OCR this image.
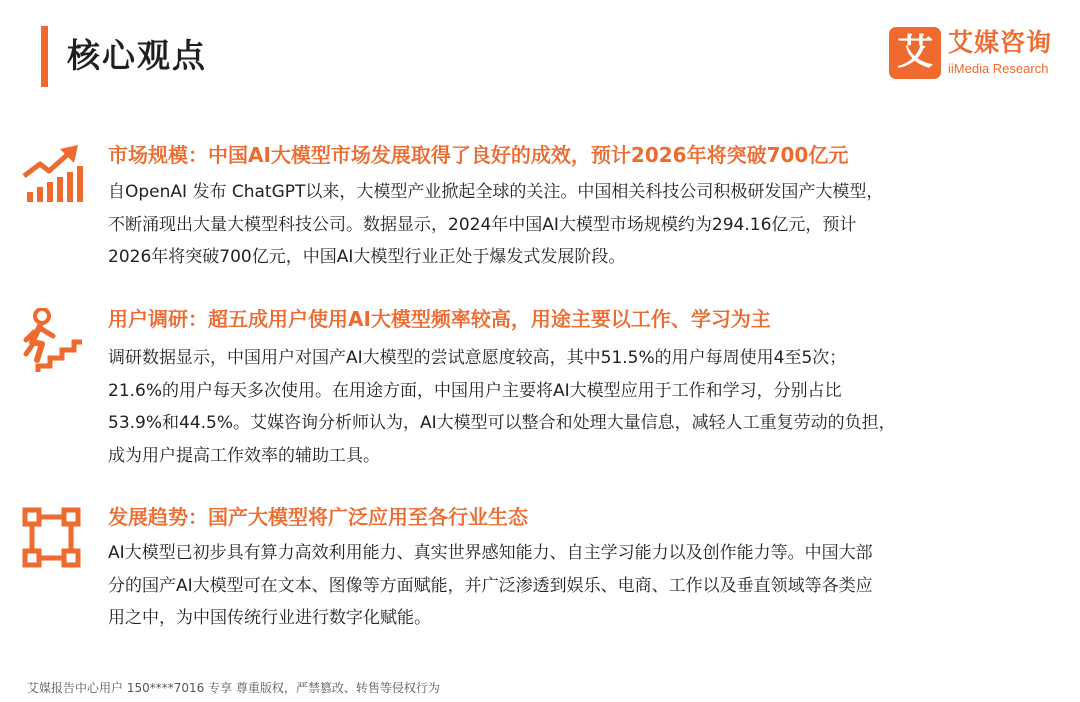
核心观点	艾 艾媒咨询
iiMedia Research
市场规模：中国AI大模型市场发展取得了良好的成效，预计2026年将突破700亿元

自OpenAI 发布 ChatGPT以来，大模型产业掀起全球的关注。中国相关科技公司积极研发国产大模型，

不断涌现出大量大模型科技公司。数据显示，2024年中国AI大模型市场规模约为294.16亿元，预计

2026年将突破700亿元，中国AI大模型行业正处于爆发式发展阶段。

用户调研：超五成用户使用AI大模型频率较高，用途主要以工作、学习为主

调研数据显示，中国用户对国产AI大模型的尝试意愿度较高，其中51.5%的用户每周使用4至5次；

21.6%的用户每天多次使用。在用途方面，中国用户主要将AI大模型应用于工作和学习，分别占比

53.9%和44.5%。艾媒咨询分析师认为，AI大模型可以整合和处理大量信息，减轻人工重复劳动的负担，

成为用户提高工作效率的辅助工具。

发展趋势：国产大模型将广泛应用至各行业生态

AI大模型已初步具有算力高效利用能力、真实世界感知能力、自主学习能力以及创作能力等。中国大部

分的国产AI大模型可在文本、图像等方面赋能，并广泛渗透到娱乐、电商、工作以及垂直领域等各类应

用之中，为中国传统行业进行数字化赋能。

艾媒报告中心用户 150****7016 专享 尊重版权，严禁篡改、转售等侵权行为
